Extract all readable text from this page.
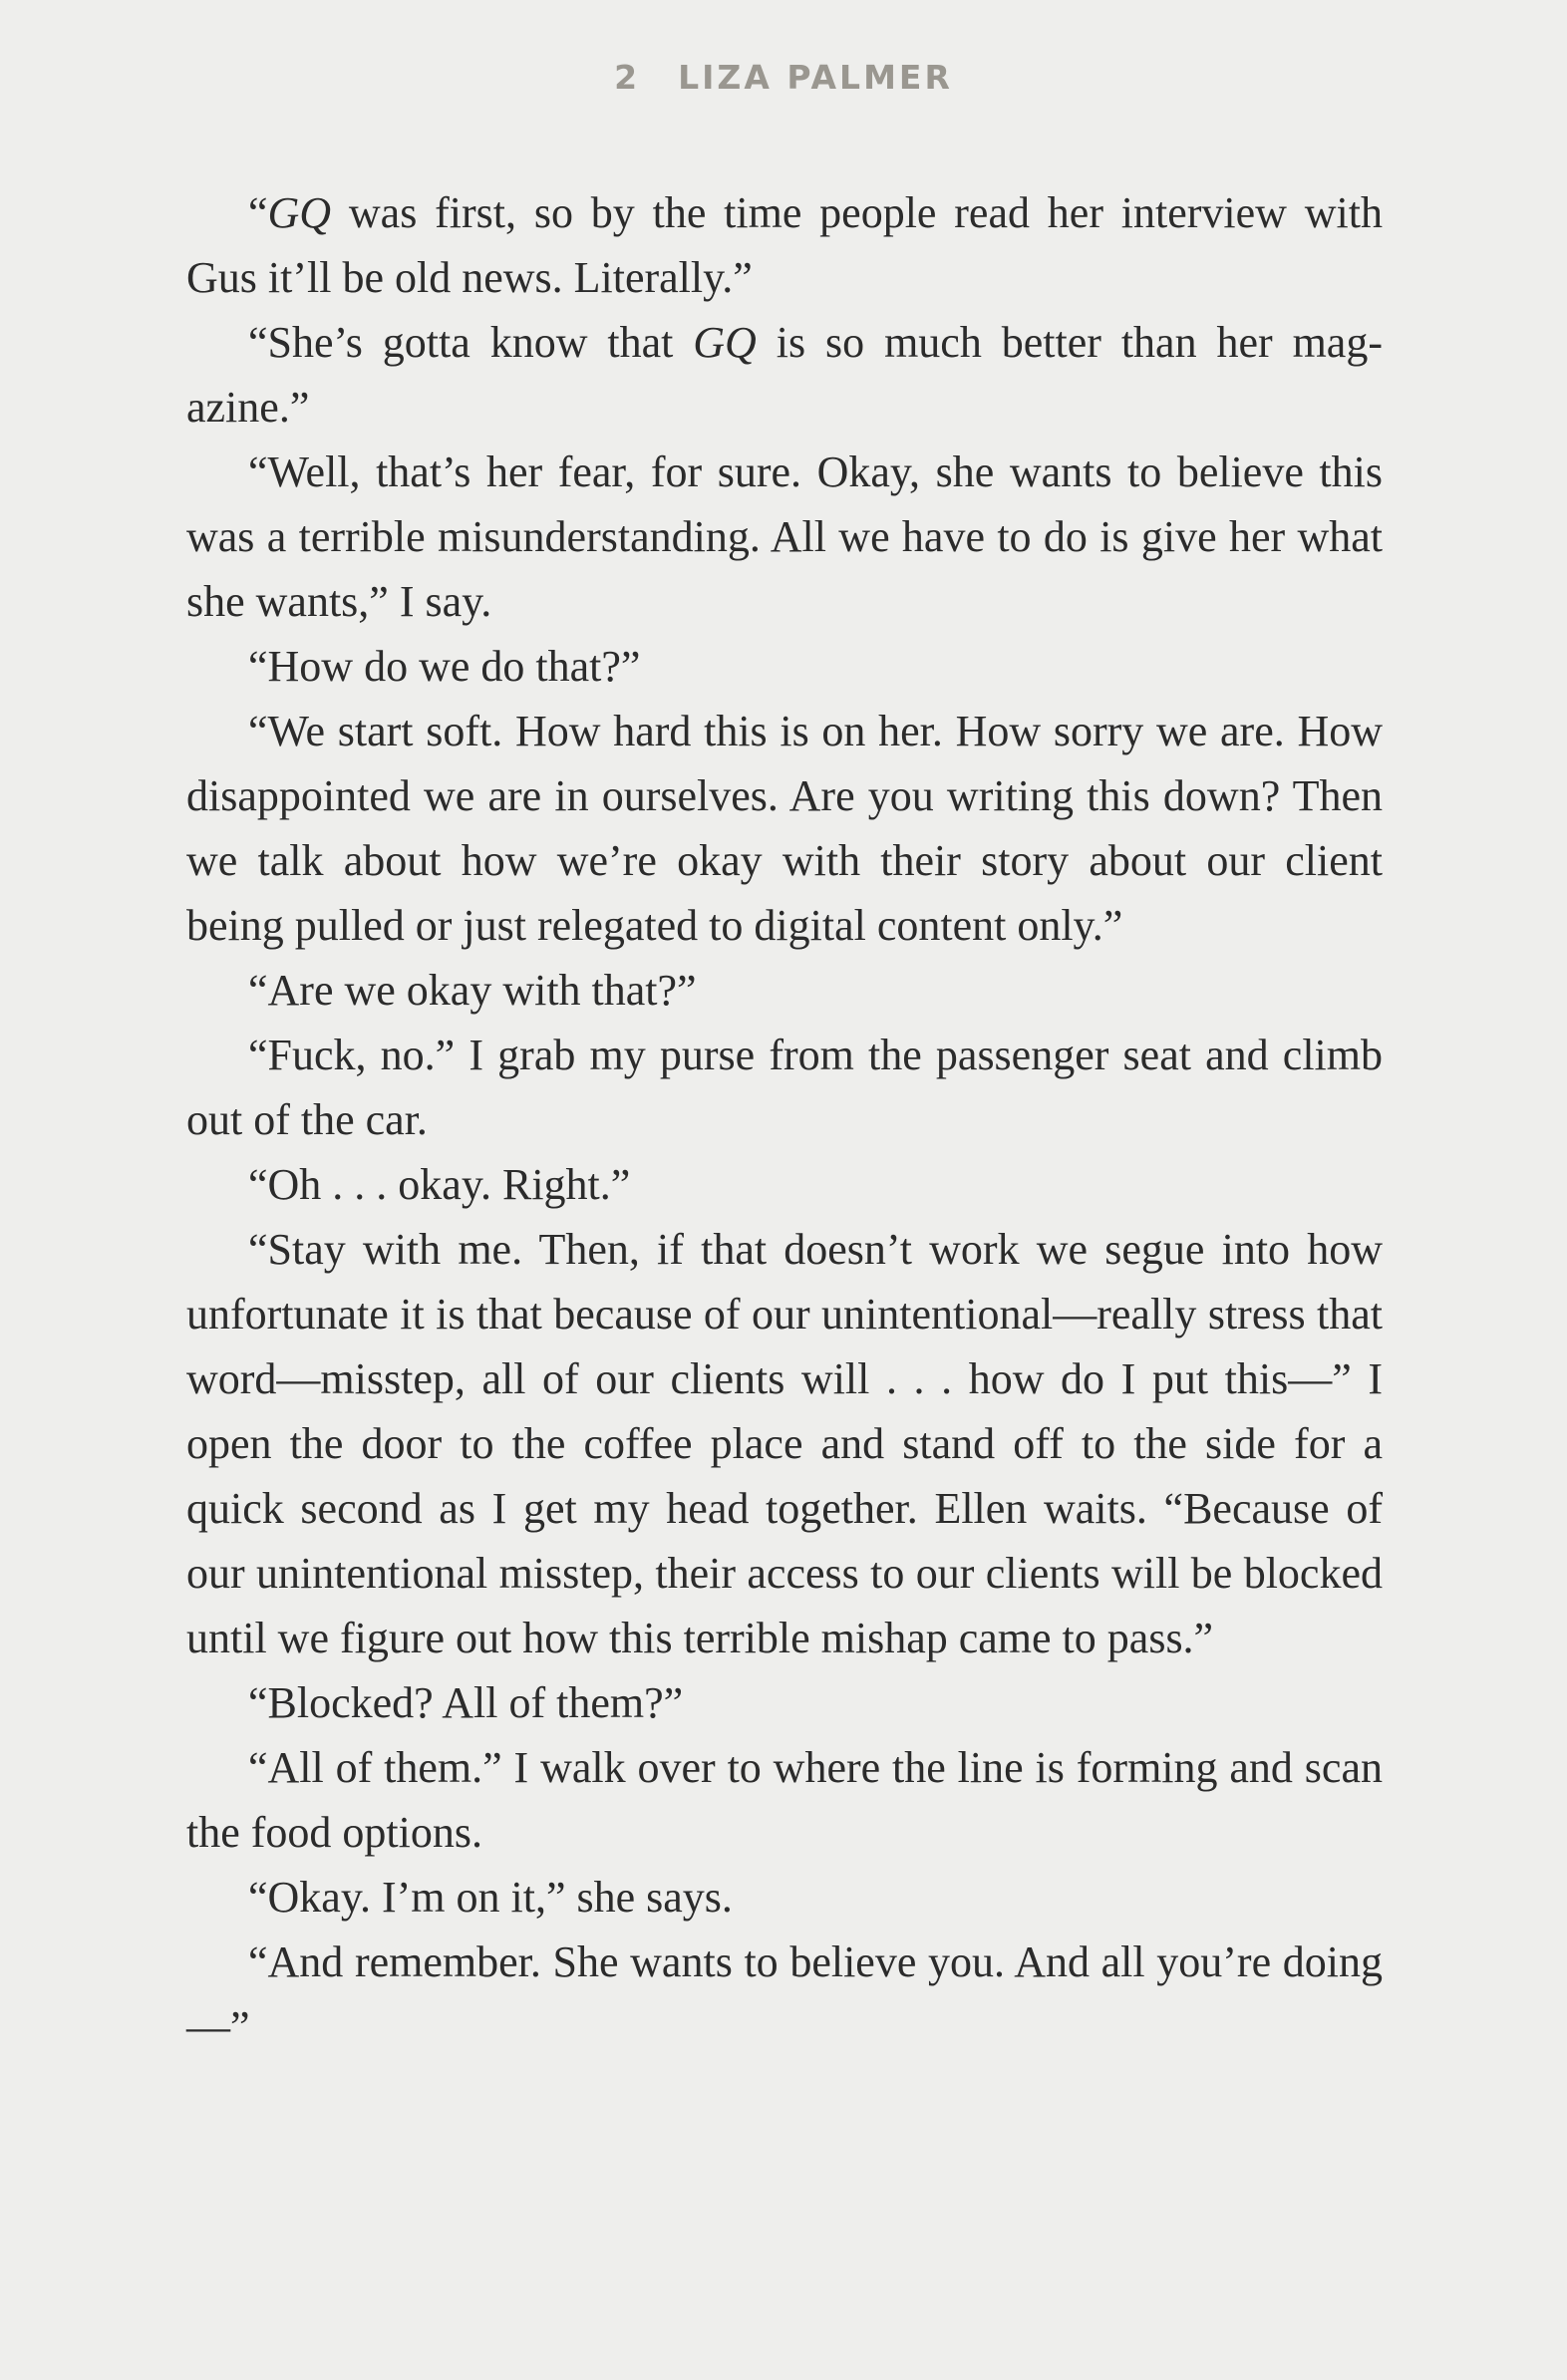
2 LIZA PALMER

“GQ was first, so by the time people read her interview with Gus it’ll be old news. Literally.”

“She’s gotta know that GQ is so much better than her magazine.”

“Well, that’s her fear, for sure. Okay, she wants to believe this was a terrible misunderstanding. All we have to do is give her what she wants,” I say.

“How do we do that?”

“We start soft. How hard this is on her. How sorry we are. How disappointed we are in ourselves. Are you writing this down? Then we talk about how we’re okay with their story about our client being pulled or just relegated to digital content only.”

“Are we okay with that?”

“Fuck, no.” I grab my purse from the passenger seat and climb out of the car.

“Oh . . . okay. Right.”

“Stay with me. Then, if that doesn’t work we segue into how unfortunate it is that because of our unintentional—really stress that word—misstep, all of our clients will . . . how do I put this—” I open the door to the coffee place and stand off to the side for a quick second as I get my head together. Ellen waits. “Because of our unintentional misstep, their access to our clients will be blocked until we figure out how this terrible mishap came to pass.”

“Blocked? All of them?”

“All of them.” I walk over to where the line is forming and scan the food options.

“Okay. I’m on it,” she says.

“And remember. She wants to believe you. And all you’re doing—”
